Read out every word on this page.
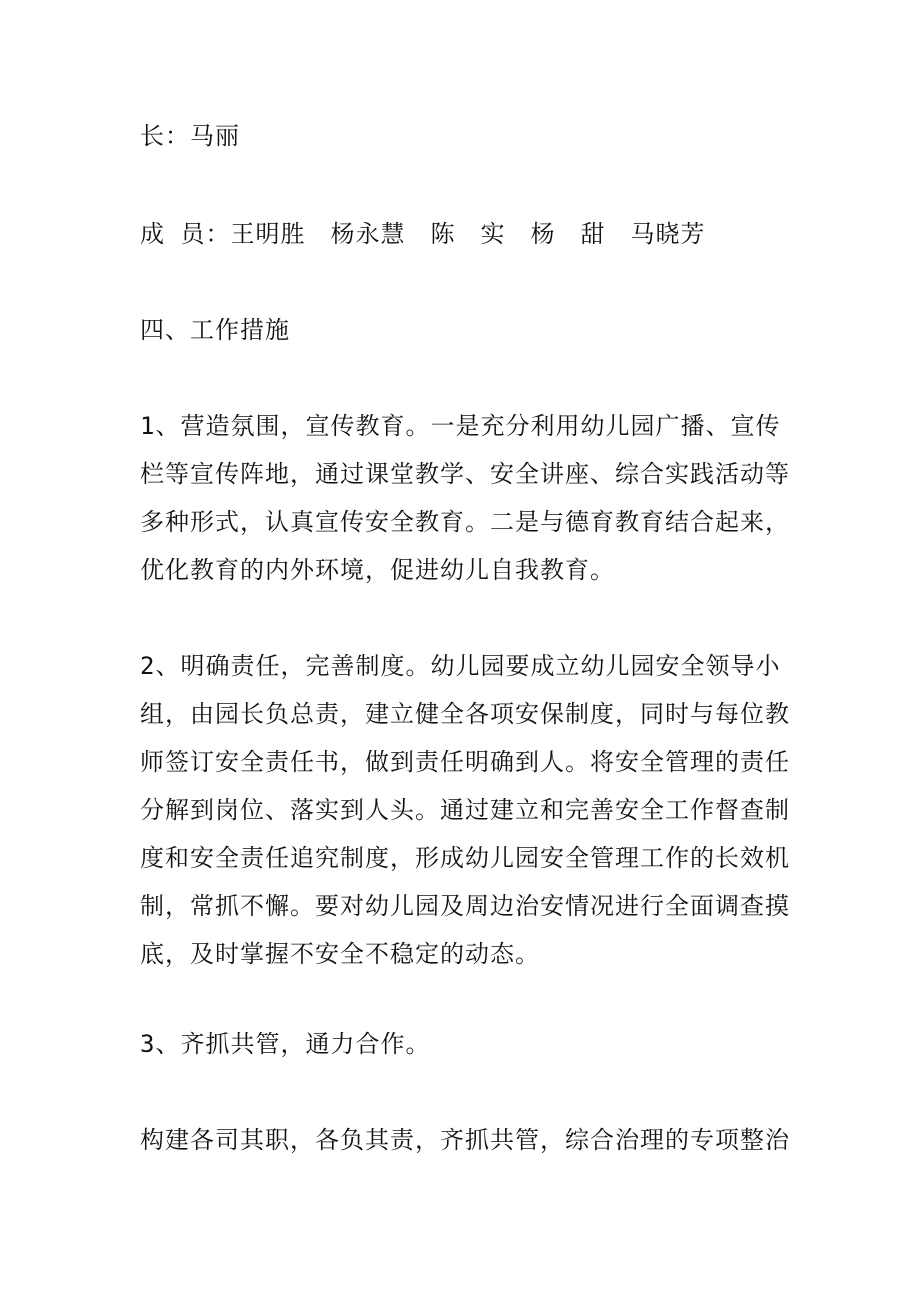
长：马丽

成 员：王明胜　杨永慧　陈　实　杨　甜　马晓芳

四、工作措施

1、营造氛围，宣传教育。一是充分利用幼儿园广播、宣传
栏等宣传阵地，通过课堂教学、安全讲座、综合实践活动等
多种形式，认真宣传安全教育。二是与德育教育结合起来，
优化教育的内外环境，促进幼儿自我教育。

2、明确责任，完善制度。幼儿园要成立幼儿园安全领导小
组，由园长负总责，建立健全各项安保制度，同时与每位教
师签订安全责任书，做到责任明确到人。将安全管理的责任
分解到岗位、落实到人头。通过建立和完善安全工作督查制
度和安全责任追究制度，形成幼儿园安全管理工作的长效机
制，常抓不懈。要对幼儿园及周边治安情况进行全面调查摸
底，及时掌握不安全不稳定的动态。

3、齐抓共管，通力合作。

构建各司其职，各负其责，齐抓共管，综合治理的专项整治
